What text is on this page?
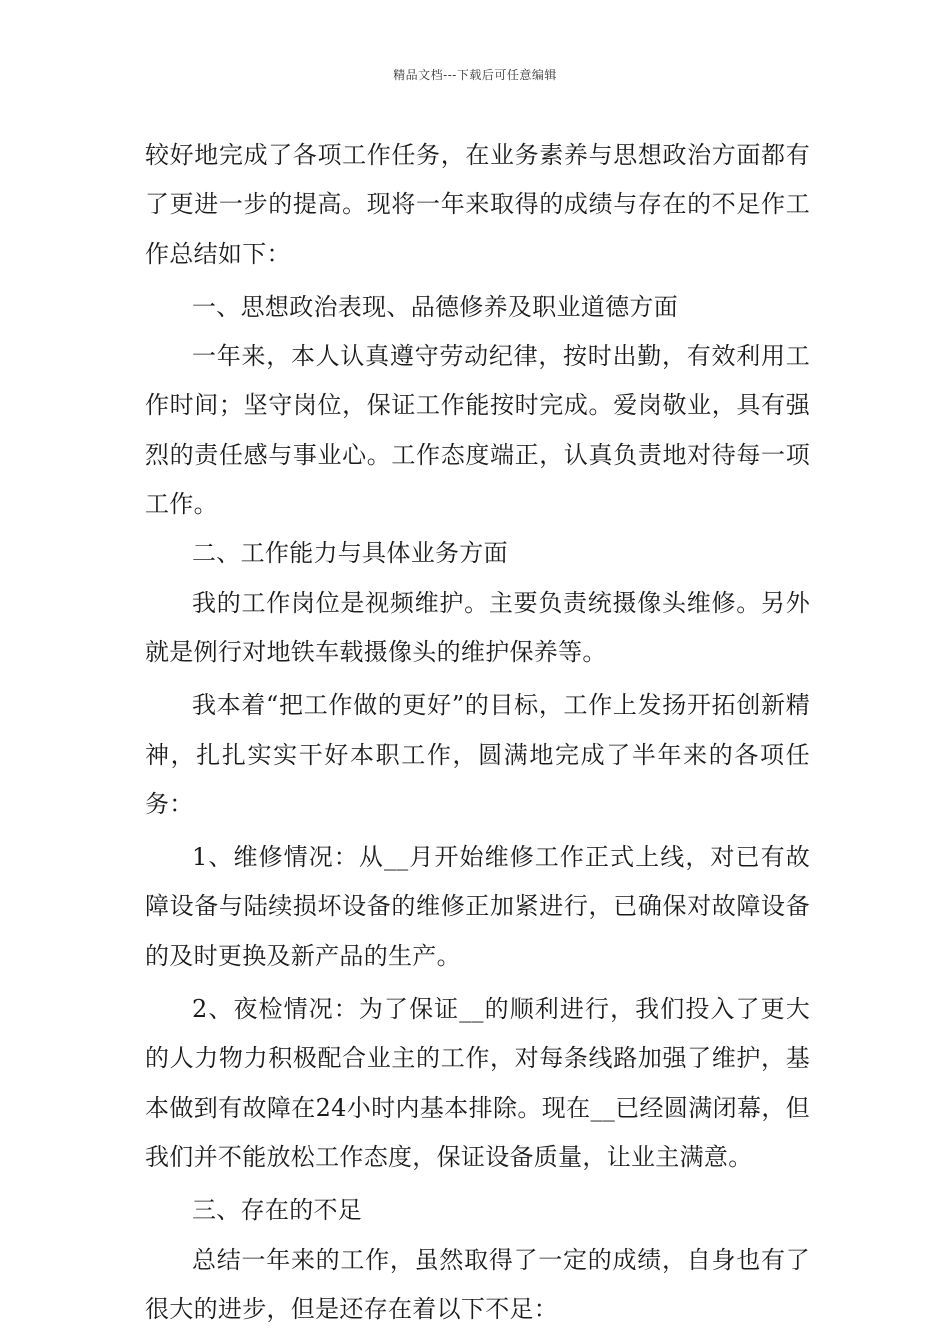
精品文档---下载后可任意编辑

较好地完成了各项工作任务，在业务素养与思想政治方面都有了更进一步的提高。现将一年来取得的成绩与存在的不足作工作总结如下：

一、思想政治表现、品德修养及职业道德方面

一年来，本人认真遵守劳动纪律，按时出勤，有效利用工作时间；坚守岗位，保证工作能按时完成。爱岗敬业，具有强烈的责任感与事业心。工作态度端正，认真负责地对待每一项工作。

二、工作能力与具体业务方面

我的工作岗位是视频维护。主要负责统摄像头维修。另外就是例行对地铁车载摄像头的维护保养等。

我本着“把工作做的更好”的目标，工作上发扬开拓创新精神，扎扎实实干好本职工作，圆满地完成了半年来的各项任务：

1、维修情况：从__月开始维修工作正式上线，对已有故障设备与陆续损坏设备的维修正加紧进行，已确保对故障设备的及时更换及新产品的生产。

2、夜检情况：为了保证__的顺利进行，我们投入了更大的人力物力积极配合业主的工作，对每条线路加强了维护，基本做到有故障在24小时内基本排除。现在__已经圆满闭幕，但我们并不能放松工作态度，保证设备质量，让业主满意。

三、存在的不足

总结一年来的工作，虽然取得了一定的成绩，自身也有了很大的进步，但是还存在着以下不足：
